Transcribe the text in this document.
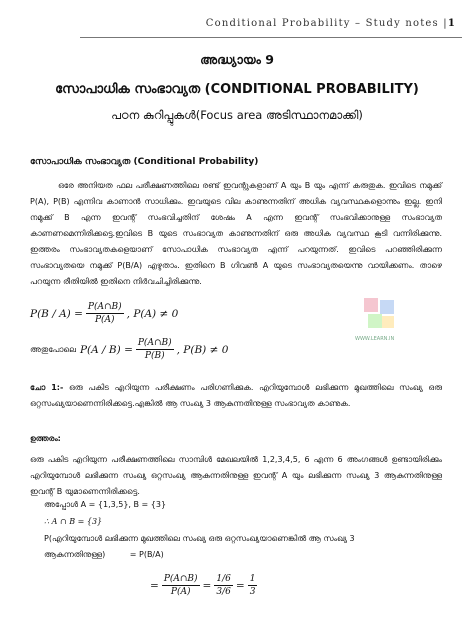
Conditional Probability – Study notes |1
അദ്ധ്യായം 9
സോപാധിക സംഭാവ്യത (CONDITIONAL PROBABILITY)
പഠന കുറിപ്പുകൾ(Focus area അടിസ്ഥാനമാക്കി)
സോപാധിക സംഭാവ്യത (Conditional Probability)
ഒരേ അനിയത ഫല പരീക്ഷണത്തിലെ രണ്ട് ഇവന്റുകളാണ് A യും B യും എന്ന് കരുതുക. ഇവിടെ നമുക്ക് P(A), P(B) എന്നിവ കാണാൻ സാധിക്കും. ഇവയുടെ വില കാണുന്നതിന് അധിക വ്യവസ്ഥകളൊന്നും ഇല്ല. ഇനി നമുക്ക് B എന്ന ഇവന്റ് സംഭവിച്ചതിന് ശേഷം A എന്ന ഇവന്റ് സംഭവിക്കാനുള്ള സംഭാവ്യത കാണണമെന്നിരിക്കട്ടെ.ഇവിടെ B യുടെ സംഭാവ്യത കാണുന്നതിന് ഒരു അധിക വ്യവസ്ഥ കൂടി വന്നിരിക്കുന്നു. ഇത്തരം സംഭാവ്യതകളെയാണ് സോപാധിക സംഭാവ്യത എന്ന് പറയുന്നത്. ഇവിടെ പറഞ്ഞിരിക്കുന്ന സംഭാവ്യതയെ നമുക്ക് P(B/A) എഴുതാം. ഇതിനെ B ഗിവൺ A യുടെ സംഭാവ്യതയെന്നു വായിക്കണം. താഴെ പറയുന്ന രീതിയിൽ ഇതിനെ നിർവചിച്ചിരിക്കുന്നു.
WWW.LEARN.IN
$P(B / A) = \frac{P(A\cap B)}{P(A)}$ , P(A) ≠ 0
അതുപോലെ $P(A / B) = \frac{P(A\cap B)}{P(B)}$ , P(B) ≠ 0
ചോ 1:- ഒരു പകിട എറിയുന്ന പരീക്ഷണം പരിഗണിക്കുക. എറിയുമ്പോൾ ലഭിക്കുന്ന മുഖത്തിലെ സംഖ്യ ഒരു ഒറ്റസംഖ്യയാണെന്നിരിക്കട്ടെ.എങ്കിൽ ആ സംഖ്യ 3 ആകുന്നതിനുള്ള സംഭാവ്യത കാണുക.
ഉത്തരം:
ഒരു പകിട എറിയുന്ന പരീക്ഷണത്തിലെ സാമ്പിൾ മേഖലയിൽ 1,2,3,4,5, 6 എന്ന 6 അംഗങ്ങൾ ഉണ്ടായിരിക്കും എറിയുമ്പോൾ ലഭിക്കുന്ന സംഖ്യ ഒറ്റസംഖ്യ ആകുന്നതിനുള്ള ഇവന്റ് A യും ലഭിക്കുന്ന സംഖ്യ 3 ആകുന്നതിനുള്ള ഇവന്റ് B യുമാണെന്നിരിക്കട്ടെ.
അപ്പോൾ A = {1,3,5}, B = {3}
∴ A ∩ B = {3}
P(എറിയുമ്പോൾ ലഭിക്കുന്ന മുഖത്തിലെ സംഖ്യ ഒരു ഒറ്റസംഖ്യയാണെങ്കിൽ ആ സംഖ്യ 3
ആകുന്നതിനുള്ള)	= P(B/A)
= $\frac{P(A\cap B)}{P(A)} = \frac{1/6}{3/6} = \frac{1}{3}$
